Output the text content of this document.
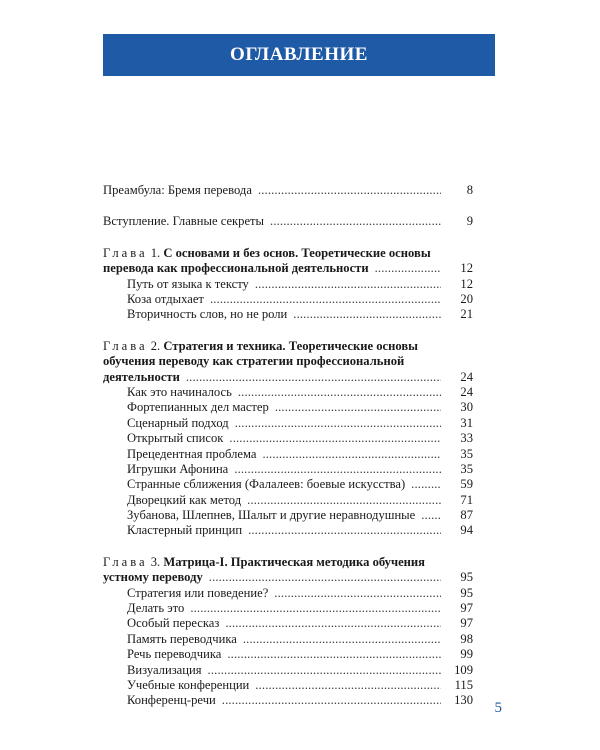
ОГЛАВЛЕНИЕ
Преамбула: Бремя перевода . . .	8
Вступление. Главные секреты . . .	9
Глава 1. С основами и без основ. Теоретические основы
перевода как профессиональной деятельности . . .	12
Путь от языка к тексту . . .	12
Коза отдыхает . . .	20
Вторичность слов, но не роли . . .	21
Глава 2. Стратегия и техника. Теоретические основы
обучения переводу как стратегии профессиональной
деятельности . . .	24
Как это начиналось . . .	24
Фортепианных дел мастер . . .	30
Сценарный подход . . .	31
Открытый список . . .	33
Прецедентная проблема . . .	35
Игрушки Афонина . . .	35
Странные сближения (Фалалеев: боевые искусства) . . .	59
Дворецкий как метод . . .	71
Зубанова, Шлепнев, Шалыт и другие неравнодушные . . .	87
Кластерный принцип . . .	94
Глава 3. Матрица-I. Практическая методика обучения
устному переводу . . .	95
Стратегия или поведение? . . .	95
Делать это . . .	97
Особый пересказ . . .	97
Память переводчика . . .	98
Речь переводчика . . .	99
Визуализация . . .	109
Учебные конференции . . .	115
Конференц-речи . . .	130 5
